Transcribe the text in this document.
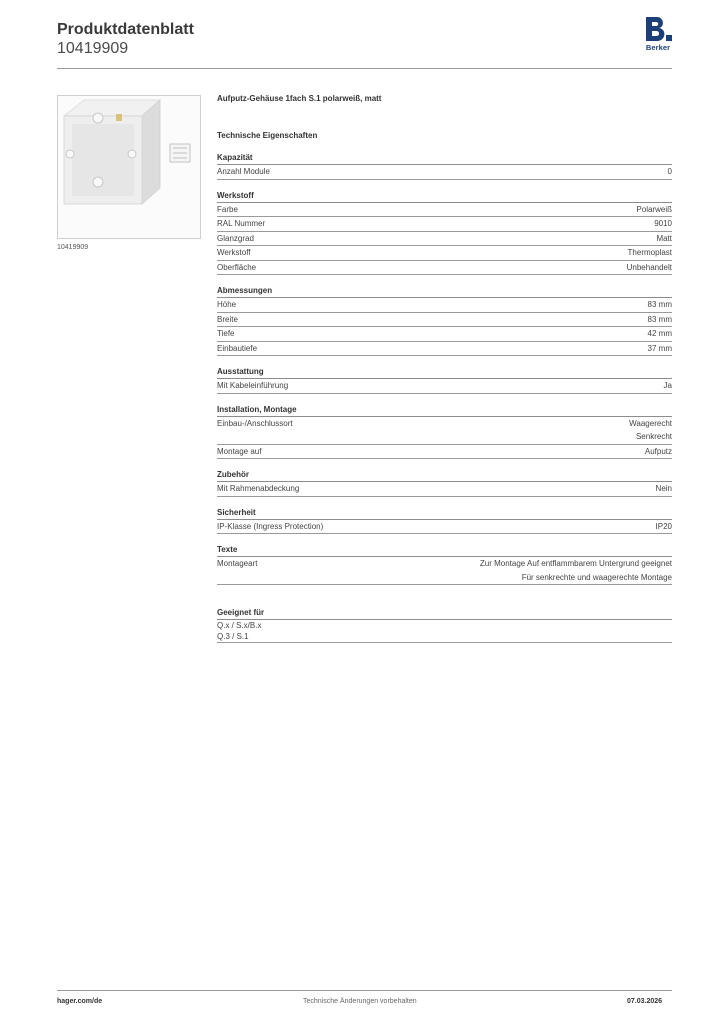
Produktdatenblatt
10419909	Berker
10419909
Aufputz-Gehäuse 1fach S.1 polarweiß, matt
Technische Eigenschaften
Kapazität
Anzahl Module	0
Werkstoff
Farbe	Polarweiß
RAL Nummer	9010
Glanzgrad	Matt
Werkstoff	Thermoplast
Oberfläche	Unbehandelt
Abmessungen
Höhe	83 mm
Breite	83 mm
Tiefe	42 mm
Einbautiefe	37 mm
Ausstattung
Mit Kabeleinführung	Ja
Installation, Montage
Einbau-/Anschlussort	Waagerecht
Senkrecht
Montage auf	Aufputz
Zubehör
Mit Rahmenabdeckung	Nein
Sicherheit
IP-Klasse (Ingress Protection)	IP20
Texte
Montageart	Zur Montage Auf entflammbarem Untergrund geeignet
Für senkrechte und waagerechte Montage
Geeignet für
Q.x / S.x/B.x
Q.3 / S.1
hager.com/de	Technische Änderungen vorbehalten	07.03.2026
